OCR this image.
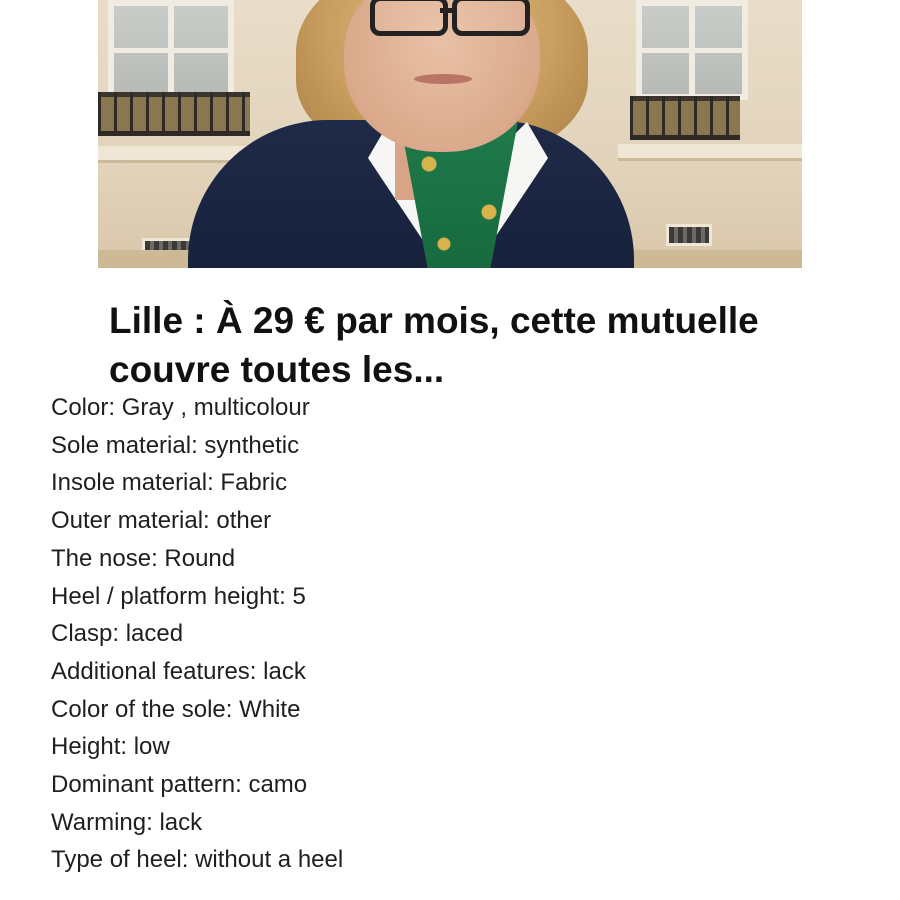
Lille : À 29 € par mois, cette mutuelle couvre toutes les...
Color: Gray , multicolour
Sole material: synthetic
Insole material: Fabric
Outer material: other
The nose: Round
Heel / platform height: 5
Clasp: laced
Additional features: lack
Color of the sole: White
Height: low
Dominant pattern: camo
Warming: lack
Type of heel: without a heel
